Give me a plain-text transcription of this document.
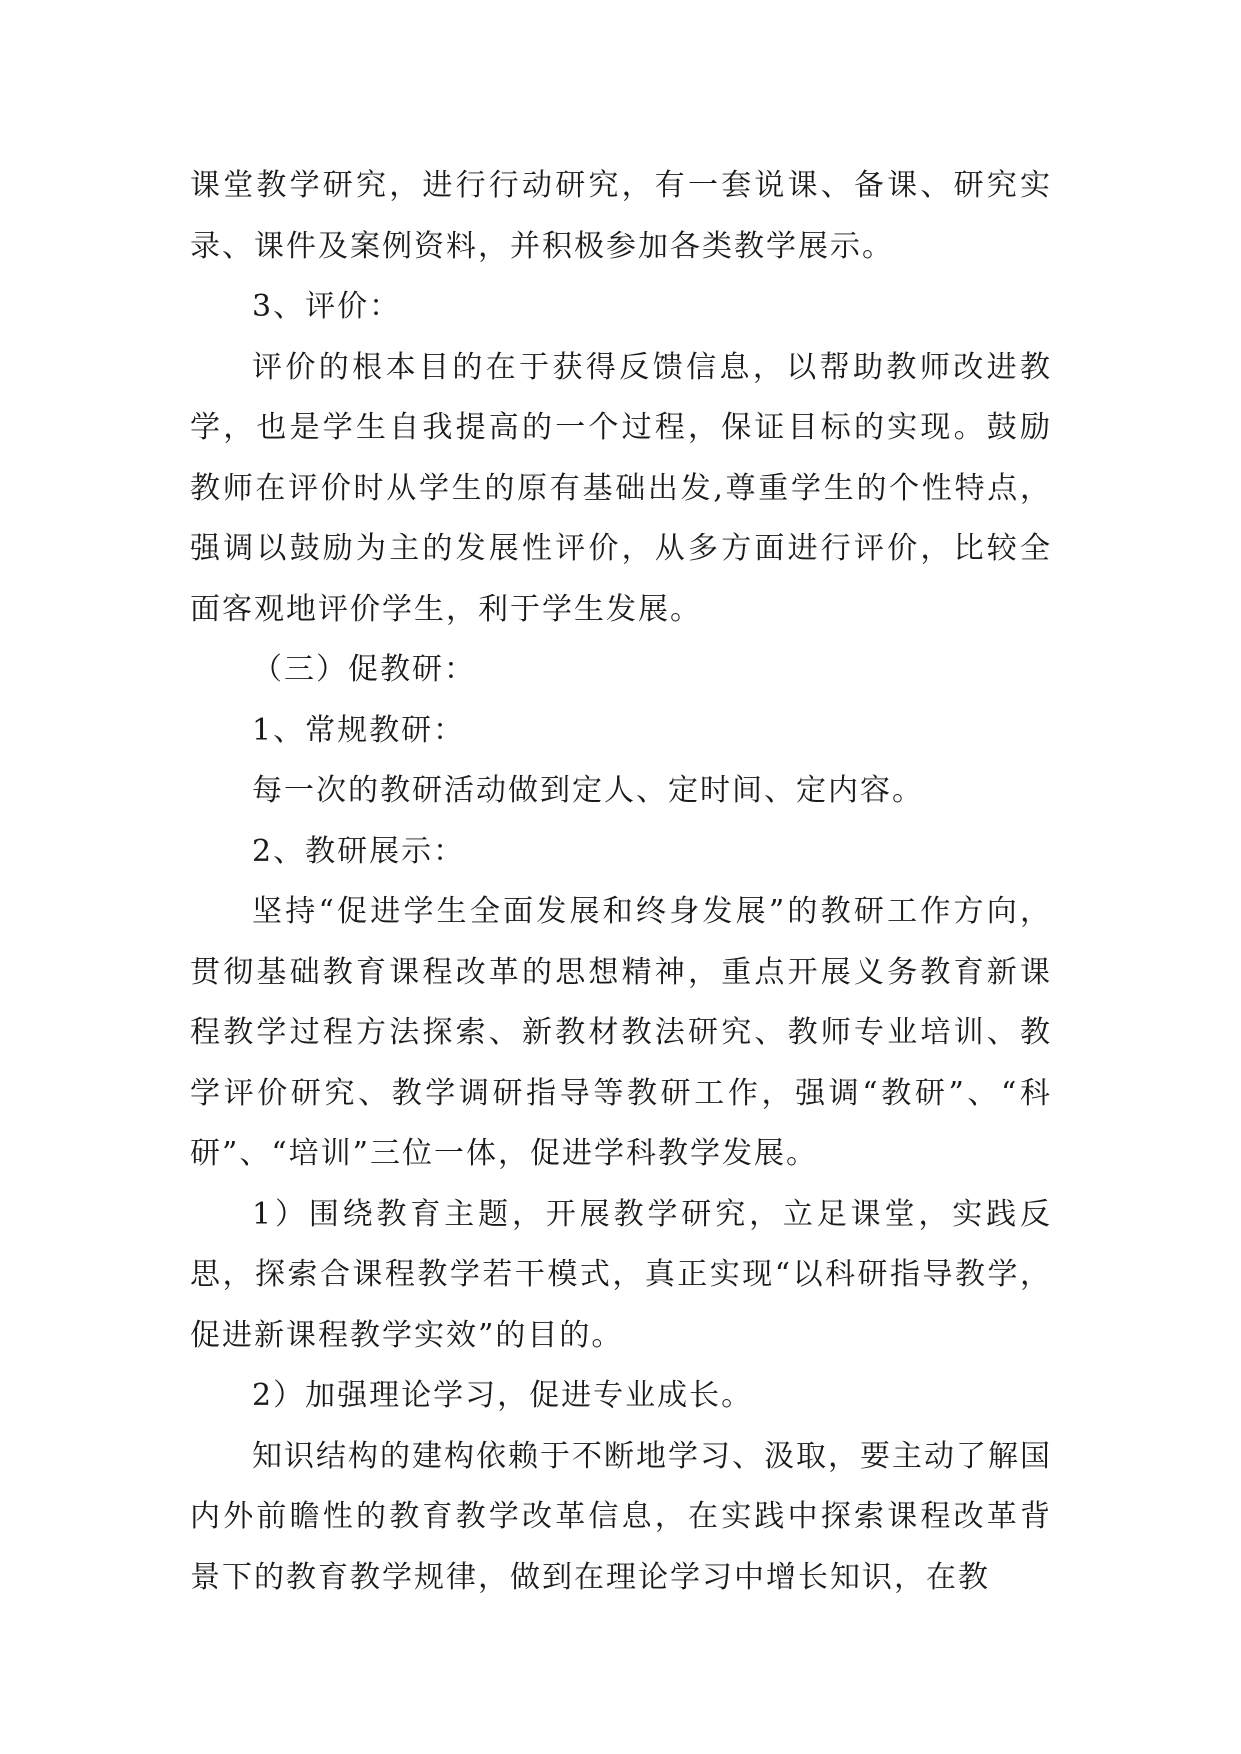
课堂教学研究，进行行动研究，有一套说课、备课、研究实录、课件及案例资料，并积极参加各类教学展示。

3、评价：

评价的根本目的在于获得反馈信息，以帮助教师改进教学，也是学生自我提高的一个过程，保证目标的实现。鼓励教师在评价时从学生的原有基础出发,尊重学生的个性特点，强调以鼓励为主的发展性评价，从多方面进行评价，比较全面客观地评价学生，利于学生发展。

（三）促教研：

1、常规教研：

每一次的教研活动做到定人、定时间、定内容。

2、教研展示：

坚持“促进学生全面发展和终身发展”的教研工作方向，贯彻基础教育课程改革的思想精神，重点开展义务教育新课程教学过程方法探索、新教材教法研究、教师专业培训、教学评价研究、教学调研指导等教研工作，强调“教研”、“科研”、“培训”三位一体，促进学科教学发展。

1）围绕教育主题，开展教学研究，立足课堂，实践反思，探索合课程教学若干模式，真正实现“以科研指导教学，促进新课程教学实效”的目的。

2）加强理论学习，促进专业成长。

知识结构的建构依赖于不断地学习、汲取，要主动了解国内外前瞻性的教育教学改革信息，在实践中探索课程改革背景下的教育教学规律，做到在理论学习中增长知识，在教
